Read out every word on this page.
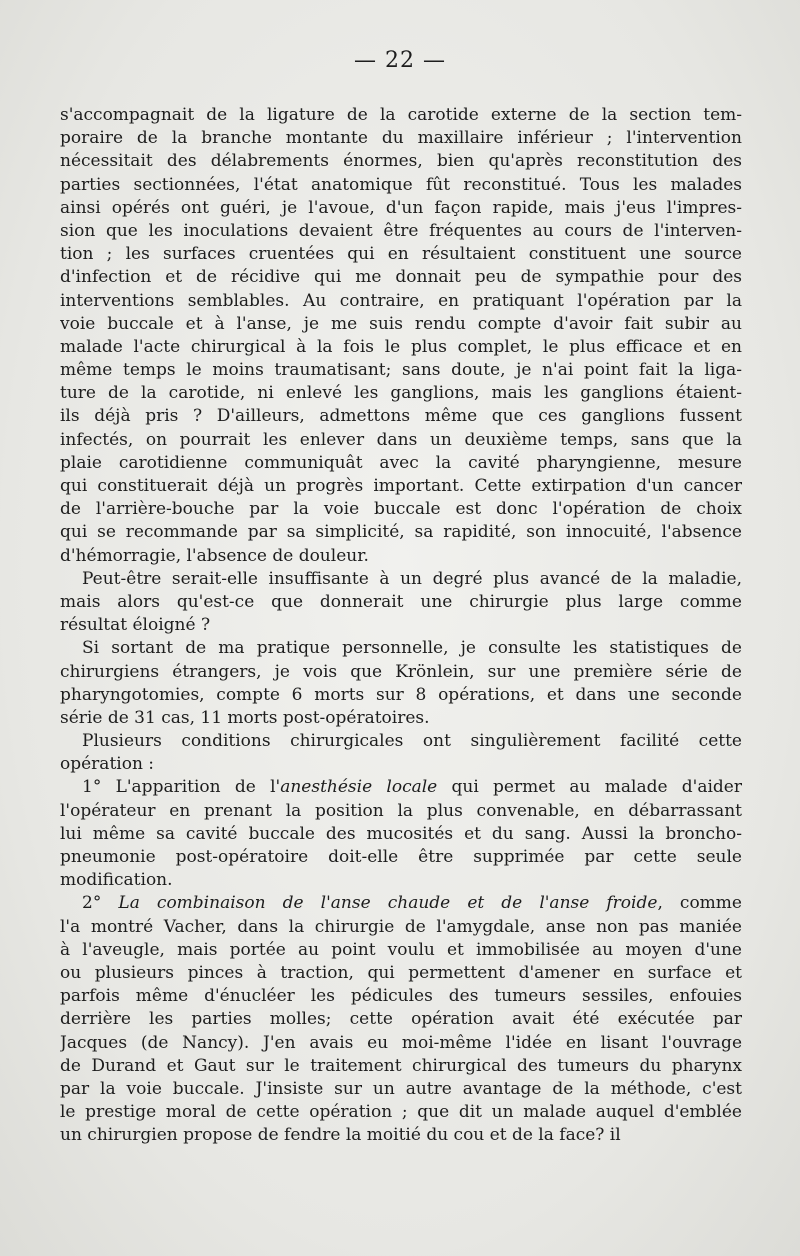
— 22 —
s'accompagnait de la ligature de la carotide externe de la section tem-
poraire de la branche montante du maxillaire inférieur ; l'intervention
nécessitait des délabrements énormes, bien qu'après reconstitution des
parties sectionnées, l'état anatomique fût reconstitué. Tous les malades
ainsi opérés ont guéri, je l'avoue, d'un façon rapide, mais j'eus l'impres-
sion que les inoculations devaient être fréquentes au cours de l'interven-
tion ; les surfaces cruentées qui en résultaient constituent une source
d'infection et de récidive qui me donnait peu de sympathie pour des
interventions semblables. Au contraire, en pratiquant l'opération par la
voie buccale et à l'anse, je me suis rendu compte d'avoir fait subir au
malade l'acte chirurgical à la fois le plus complet, le plus efficace et en
même temps le moins traumatisant; sans doute, je n'ai point fait la liga-
ture de la carotide, ni enlevé les ganglions, mais les ganglions étaient-
ils déjà pris ? D'ailleurs, admettons même que ces ganglions fussent
infectés, on pourrait les enlever dans un deuxième temps, sans que la
plaie carotidienne communiquât avec la cavité pharyngienne, mesure
qui constituerait déjà un progrès important. Cette extirpation d'un cancer
de l'arrière-bouche par la voie buccale est donc l'opération de choix
qui se recommande par sa simplicité, sa rapidité, son innocuité, l'absence
d'hémorragie, l'absence de douleur.
Peut-être serait-elle insuffisante à un degré plus avancé de la maladie,
mais alors qu'est-ce que donnerait une chirurgie plus large comme
résultat éloigné ?
Si sortant de ma pratique personnelle, je consulte les statistiques de
chirurgiens étrangers, je vois que Krönlein, sur une première série de
pharyngotomies, compte 6 morts sur 8 opérations, et dans une seconde
série de 31 cas, 11 morts post-opératoires.
Plusieurs conditions chirurgicales ont singulièrement facilité cette
opération :
1° L'apparition de l'anesthésie locale qui permet au malade d'aider
l'opérateur en prenant la position la plus convenable, en débarrassant
lui même sa cavité buccale des mucosités et du sang. Aussi la broncho-
pneumonie post-opératoire doit-elle être supprimée par cette seule
modification.
2° La combinaison de l'anse chaude et de l'anse froide, comme
l'a montré Vacher, dans la chirurgie de l'amygdale, anse non pas maniée
à l'aveugle, mais portée au point voulu et immobilisée au moyen d'une
ou plusieurs pinces à traction, qui permettent d'amener en surface et
parfois même d'énucléer les pédicules des tumeurs sessiles, enfouies
derrière les parties molles; cette opération avait été exécutée par
Jacques (de Nancy). J'en avais eu moi-même l'idée en lisant l'ouvrage
de Durand et Gaut sur le traitement chirurgical des tumeurs du pharynx
par la voie buccale. J'insiste sur un autre avantage de la méthode, c'est
le prestige moral de cette opération ; que dit un malade auquel d'emblée
un chirurgien propose de fendre la moitié du cou et de la face? il
